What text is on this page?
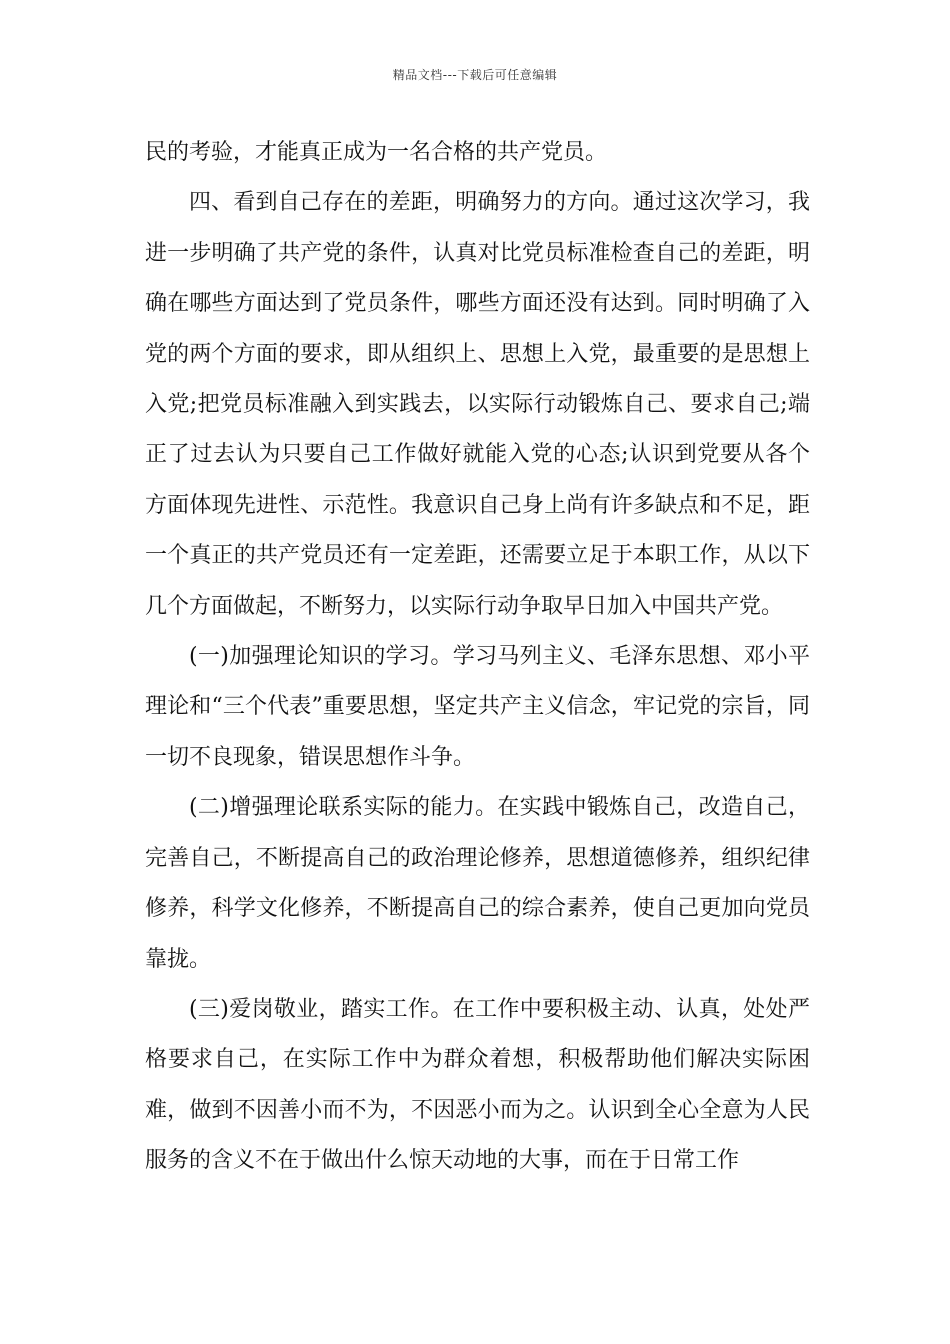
精品文档---下载后可任意编辑

民的考验，才能真正成为一名合格的共产党员。

四、看到自己存在的差距，明确努力的方向。通过这次学习，我进一步明确了共产党的条件，认真对比党员标准检查自己的差距，明确在哪些方面达到了党员条件，哪些方面还没有达到。同时明确了入党的两个方面的要求，即从组织上、思想上入党，最重要的是思想上入党;把党员标准融入到实践去，以实际行动锻炼自己、要求自己;端正了过去认为只要自己工作做好就能入党的心态;认识到党要从各个方面体现先进性、示范性。我意识自己身上尚有许多缺点和不足，距一个真正的共产党员还有一定差距，还需要立足于本职工作，从以下几个方面做起，不断努力，以实际行动争取早日加入中国共产党。

(一)加强理论知识的学习。学习马列主义、毛泽东思想、邓小平理论和“三个代表”重要思想，坚定共产主义信念，牢记党的宗旨，同一切不良现象，错误思想作斗争。

(二)增强理论联系实际的能力。在实践中锻炼自己，改造自己，完善自己，不断提高自己的政治理论修养，思想道德修养，组织纪律修养，科学文化修养，不断提高自己的综合素养，使自己更加向党员靠拢。

(三)爱岗敬业，踏实工作。在工作中要积极主动、认真，处处严格要求自己，在实际工作中为群众着想，积极帮助他们解决实际困难，做到不因善小而不为，不因恶小而为之。认识到全心全意为人民服务的含义不在于做出什么惊天动地的大事，而在于日常工作
